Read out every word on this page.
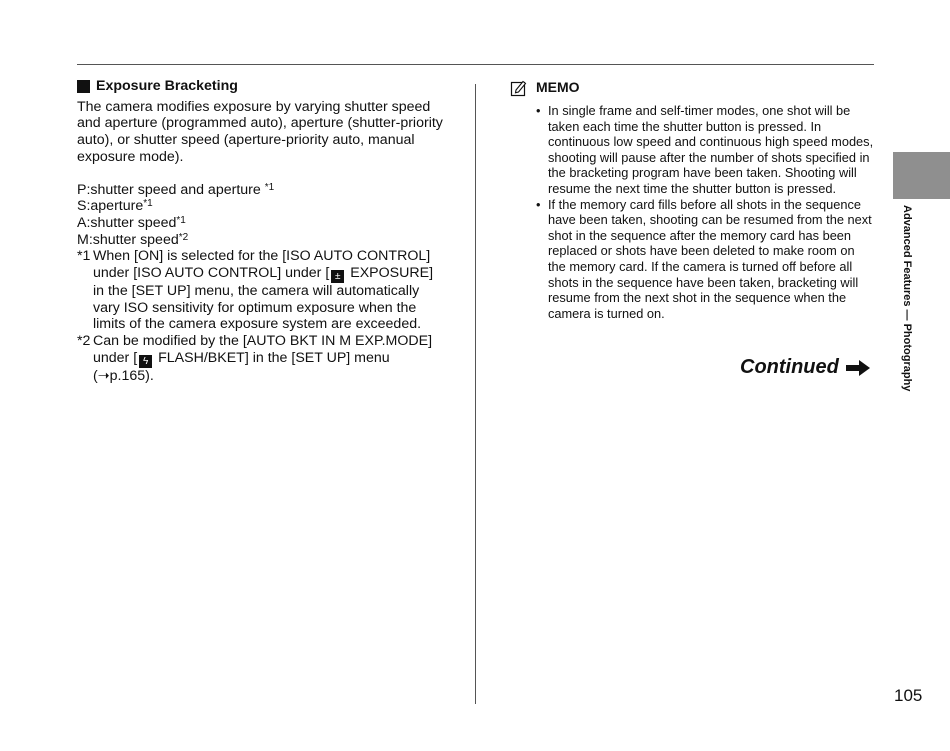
Exposure Bracketing

The camera modifies exposure by varying shutter speed and aperture (programmed auto), aperture (shutter-priority auto), or shutter speed (aperture-priority auto, manual exposure mode).

P:shutter speed and aperture $^{*1}$

S:aperture$^{*1}$

A:shutter speed$^{*1}$

M:shutter speed$^{*2}$

*1 When [ON] is selected for the [ISO AUTO CONTROL] under [ISO AUTO CONTROL] under [ ± EXPOSURE] in the [SET UP] menu, the camera will automatically vary ISO sensitivity for optimum exposure when the limits of the camera exposure system are exceeded.
*2 Can be modified by the [AUTO BKT IN M EXP.MODE] under [ ϟ FLASH/BKET] in the [SET UP] menu (➝p.165).
MEMO
• In single frame and self-timer modes, one shot will be taken each time the shutter button is pressed. In continuous low speed and continuous high speed modes, shooting will pause after the number of shots specified in the bracketing program have been taken. Shooting will resume the next time the shutter button is pressed.
• If the memory card fills before all shots in the sequence have been taken, shooting can be resumed from the next shot in the sequence after the memory card has been replaced or shots have been deleted to make room on the memory card. If the camera is turned off before all shots in the sequence have been taken, bracketing will resume from the next shot in the sequence when the camera is turned on.
Continued	Advanced Features — Photography
105
